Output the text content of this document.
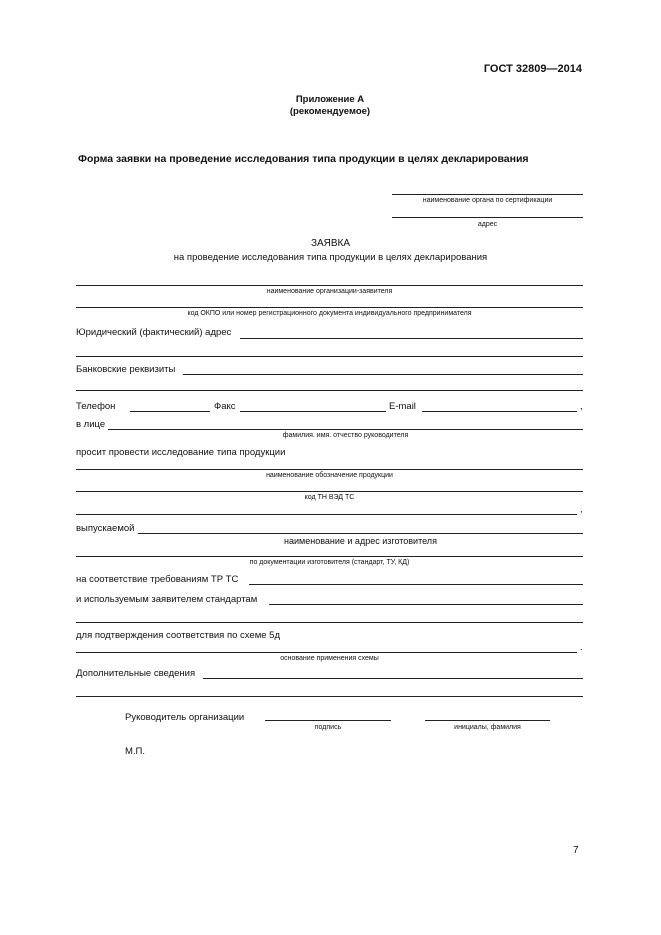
ГОСТ 32809—2014
Приложение А
(рекомендуемое)
Форма заявки на проведение исследования типа продукции в целях декларирования
наименование органа по сертификации
адрес
ЗАЯВКА
на проведение исследования типа продукции в целях декларирования
наименование организации-заявителя
код ОКПО или номер регистрационного документа индивидуального предпринимателя
Юридический (фактический) адрес
Банковские реквизиты
Телефон	Факс	E-mail	,
в лице
фамилия. имя. отчество руководителя
просит провести исследование типа продукции
наименование обозначение продукции
код ТН ВЭД ТС
,
выпускаемой
наименование и адрес изготовителя
по документации изготовителя (стандарт, ТУ, КД)
на соответствие требованиям ТР ТС
и используемым заявителем стандартам
для подтверждения соответствия по схеме 5д
.
основание применения схемы
Дополнительные сведения
Руководитель организации
подпись	инициалы, фамилия
М.П.
7
